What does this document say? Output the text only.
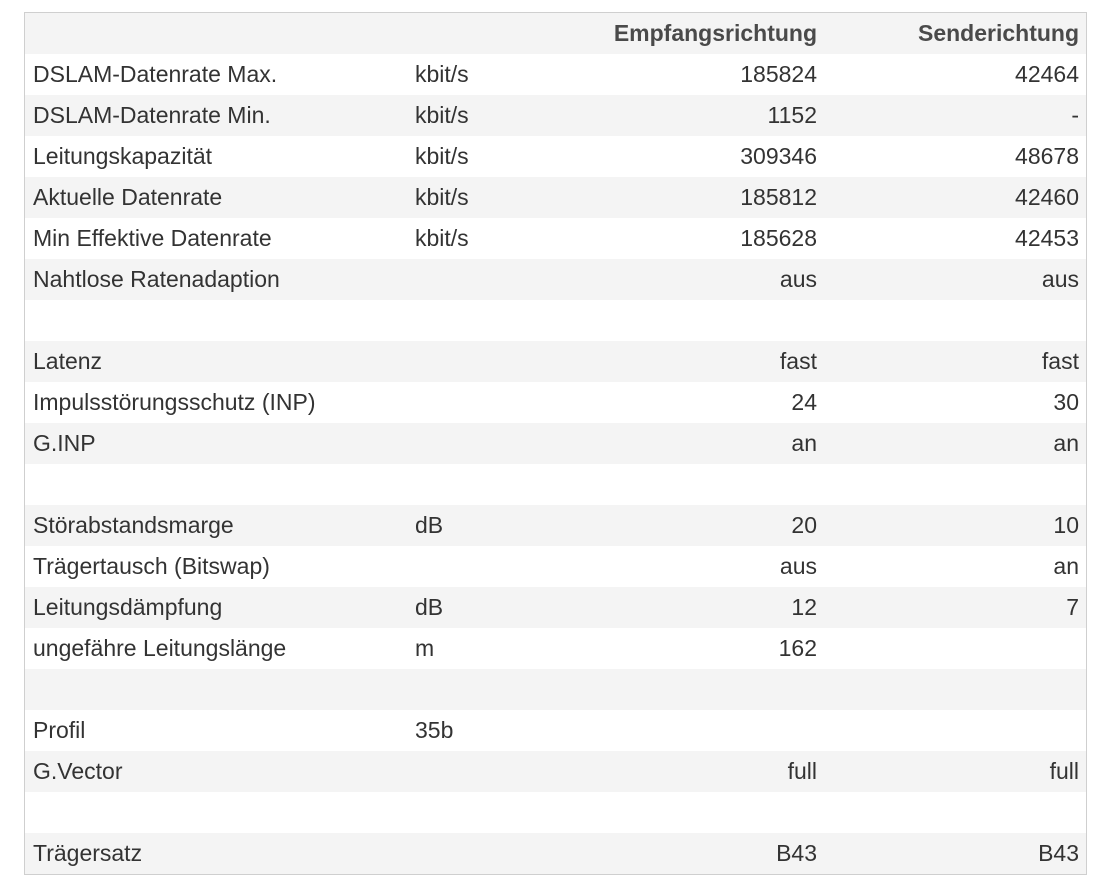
		Empfangsrichtung	Senderichtung
DSLAM-Datenrate Max.	kbit/s	185824	42464
DSLAM-Datenrate Min.	kbit/s	1152	-
Leitungskapazität	kbit/s	309346	48678
Aktuelle Datenrate	kbit/s	185812	42460
Min Effektive Datenrate	kbit/s	185628	42453
Nahtlose Ratenadaption		aus	aus

Latenz		fast	fast
Impulsstörungsschutz (INP)		24	30
G.INP		an	an

Störabstandsmarge	dB	20	10
Trägertausch (Bitswap)		aus	an
Leitungsdämpfung	dB	12	7
ungefähre Leitungslänge	m	162	

Profil	35b		
G.Vector		full	full

Trägersatz		B43	B43
